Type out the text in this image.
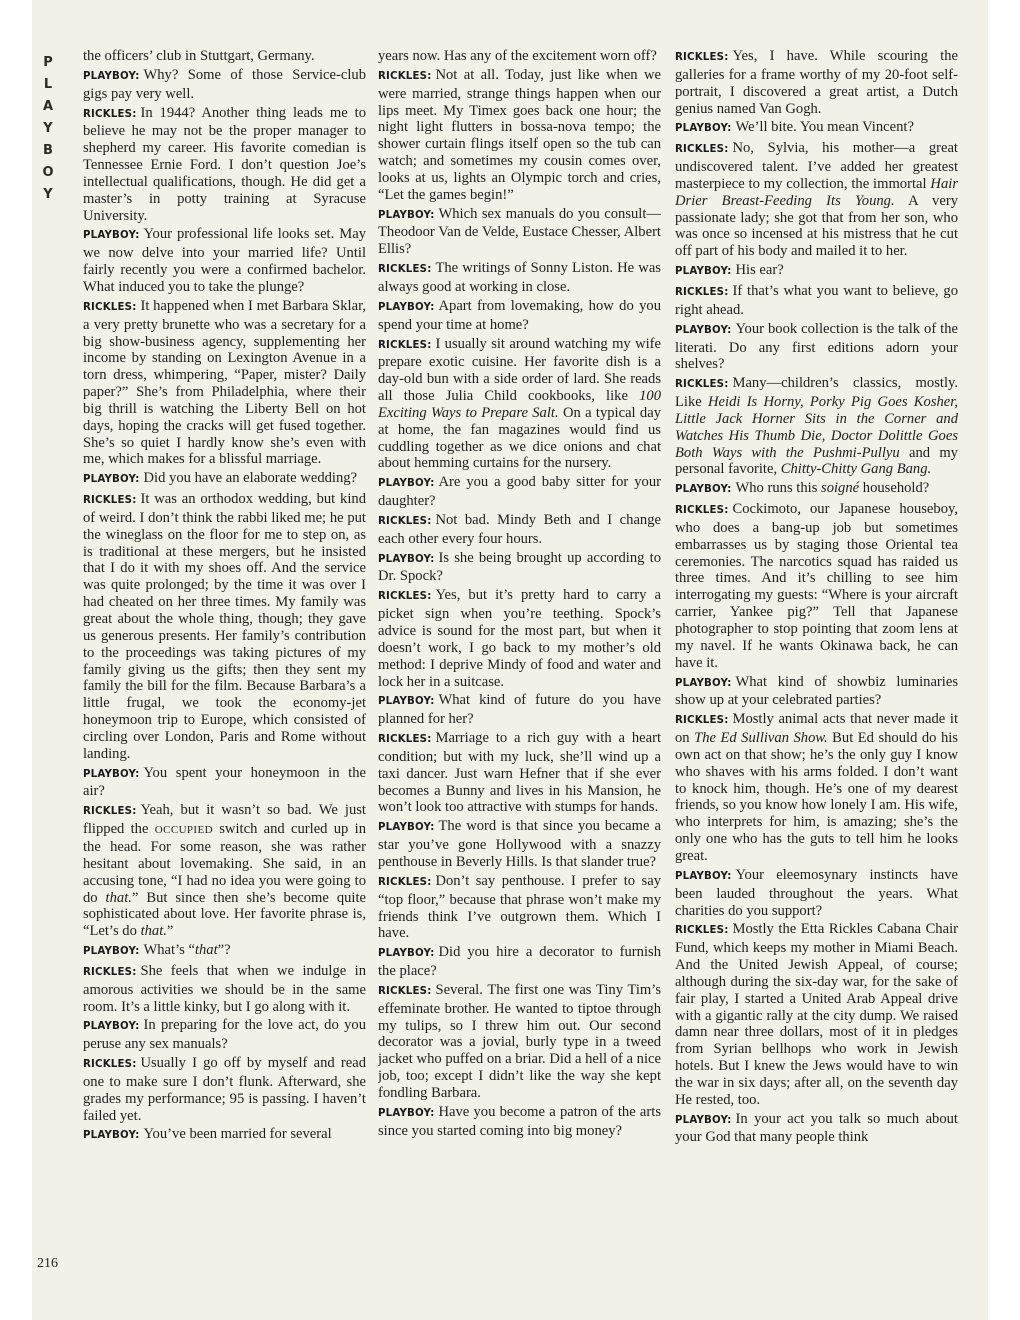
P
L
A
Y
B
O
Y

the officers’ club in Stuttgart, Germany.

PLAYBOY: Why? Some of those Service-club gigs pay very well.

RICKLES: In 1944? Another thing leads me to believe he may not be the proper manager to shepherd my career. His favorite comedian is Tennessee Ernie Ford. I don’t question Joe’s intellectual qualifications, though. He did get a master’s in potty training at Syracuse University.

PLAYBOY: Your professional life looks set. May we now delve into your married life? Until fairly recently you were a confirmed bachelor. What induced you to take the plunge?

RICKLES: It happened when I met Barbara Sklar, a very pretty brunette who was a secretary for a big show-business agency, supplementing her income by standing on Lexington Avenue in a torn dress, whimpering, “Paper, mister? Daily paper?” She’s from Philadelphia, where their big thrill is watching the Liberty Bell on hot days, hoping the cracks will get fused together. She’s so quiet I hardly know she’s even with me, which makes for a blissful marriage.

PLAYBOY: Did you have an elaborate wedding?

RICKLES: It was an orthodox wedding, but kind of weird. I don’t think the rabbi liked me; he put the wineglass on the floor for me to step on, as is traditional at these mergers, but he insisted that I do it with my shoes off. And the service was quite prolonged; by the time it was over I had cheated on her three times. My family was great about the whole thing, though; they gave us generous presents. Her family’s contribution to the proceedings was taking pictures of my family giving us the gifts; then they sent my family the bill for the film. Because Barbara’s a little frugal, we took the economy-jet honeymoon trip to Europe, which consisted of circling over London, Paris and Rome without landing.

PLAYBOY: You spent your honeymoon in the air?

RICKLES: Yeah, but it wasn’t so bad. We just flipped the OCCUPIED switch and curled up in the head. For some reason, she was rather hesitant about lovemaking. She said, in an accusing tone, “I had no idea you were going to do that.” But since then she’s become quite sophisticated about love. Her favorite phrase is, “Let’s do that.”

PLAYBOY: What’s “that”?

RICKLES: She feels that when we indulge in amorous activities we should be in the same room. It’s a little kinky, but I go along with it.

PLAYBOY: In preparing for the love act, do you peruse any sex manuals?

RICKLES: Usually I go off by myself and read one to make sure I don’t flunk. Afterward, she grades my performance; 95 is passing. I haven’t failed yet.

PLAYBOY: You’ve been married for several

years now. Has any of the excitement worn off?

RICKLES: Not at all. Today, just like when we were married, strange things happen when our lips meet. My Timex goes back one hour; the night light flutters in bossa-nova tempo; the shower curtain flings itself open so the tub can watch; and sometimes my cousin comes over, looks at us, lights an Olympic torch and cries, “Let the games begin!”

PLAYBOY: Which sex manuals do you consult—Theodoor Van de Velde, Eustace Chesser, Albert Ellis?

RICKLES: The writings of Sonny Liston. He was always good at working in close.

PLAYBOY: Apart from lovemaking, how do you spend your time at home?

RICKLES: I usually sit around watching my wife prepare exotic cuisine. Her favorite dish is a day-old bun with a side order of lard. She reads all those Julia Child cookbooks, like 100 Exciting Ways to Prepare Salt. On a typical day at home, the fan magazines would find us cuddling together as we dice onions and chat about hemming curtains for the nursery.

PLAYBOY: Are you a good baby sitter for your daughter?

RICKLES: Not bad. Mindy Beth and I change each other every four hours.

PLAYBOY: Is she being brought up according to Dr. Spock?

RICKLES: Yes, but it’s pretty hard to carry a picket sign when you’re teething. Spock’s advice is sound for the most part, but when it doesn’t work, I go back to my mother’s old method: I deprive Mindy of food and water and lock her in a suitcase.

PLAYBOY: What kind of future do you have planned for her?

RICKLES: Marriage to a rich guy with a heart condition; but with my luck, she’ll wind up a taxi dancer. Just warn Hefner that if she ever becomes a Bunny and lives in his Mansion, he won’t look too attractive with stumps for hands.

PLAYBOY: The word is that since you became a star you’ve gone Hollywood with a snazzy penthouse in Beverly Hills. Is that slander true?

RICKLES: Don’t say penthouse. I prefer to say “top floor,” because that phrase won’t make my friends think I’ve outgrown them. Which I have.

PLAYBOY: Did you hire a decorator to furnish the place?

RICKLES: Several. The first one was Tiny Tim’s effeminate brother. He wanted to tiptoe through my tulips, so I threw him out. Our second decorator was a jovial, burly type in a tweed jacket who puffed on a briar. Did a hell of a nice job, too; except I didn’t like the way she kept fondling Barbara.

PLAYBOY: Have you become a patron of the arts since you started coming into big money?

RICKLES: Yes, I have. While scouring the galleries for a frame worthy of my 20-foot self-portrait, I discovered a great artist, a Dutch genius named Van Gogh.

PLAYBOY: We’ll bite. You mean Vincent?

RICKLES: No, Sylvia, his mother—a great undiscovered talent. I’ve added her greatest masterpiece to my collection, the immortal Hair Drier Breast-Feeding Its Young. A very passionate lady; she got that from her son, who was once so incensed at his mistress that he cut off part of his body and mailed it to her.

PLAYBOY: His ear?

RICKLES: If that’s what you want to believe, go right ahead.

PLAYBOY: Your book collection is the talk of the literati. Do any first editions adorn your shelves?

RICKLES: Many—children’s classics, mostly. Like Heidi Is Horny, Porky Pig Goes Kosher, Little Jack Horner Sits in the Corner and Watches His Thumb Die, Doctor Dolittle Goes Both Ways with the Pushmi-Pullyu and my personal favorite, Chitty-Chitty Gang Bang.

PLAYBOY: Who runs this soigné household?

RICKLES: Cockimoto, our Japanese houseboy, who does a bang-up job but sometimes embarrasses us by staging those Oriental tea ceremonies. The narcotics squad has raided us three times. And it’s chilling to see him interrogating my guests: “Where is your aircraft carrier, Yankee pig?” Tell that Japanese photographer to stop pointing that zoom lens at my navel. If he wants Okinawa back, he can have it.

PLAYBOY: What kind of showbiz luminaries show up at your celebrated parties?

RICKLES: Mostly animal acts that never made it on The Ed Sullivan Show. But Ed should do his own act on that show; he’s the only guy I know who shaves with his arms folded. I don’t want to knock him, though. He’s one of my dearest friends, so you know how lonely I am. His wife, who interprets for him, is amazing; she’s the only one who has the guts to tell him he looks great.

PLAYBOY: Your eleemosynary instincts have been lauded throughout the years. What charities do you support?

RICKLES: Mostly the Etta Rickles Cabana Chair Fund, which keeps my mother in Miami Beach. And the United Jewish Appeal, of course; although during the six-day war, for the sake of fair play, I started a United Arab Appeal drive with a gigantic rally at the city dump. We raised damn near three dollars, most of it in pledges from Syrian bellhops who work in Jewish hotels. But I knew the Jews would have to win the war in six days; after all, on the seventh day He rested, too.

PLAYBOY: In your act you talk so much about your God that many people think

216
